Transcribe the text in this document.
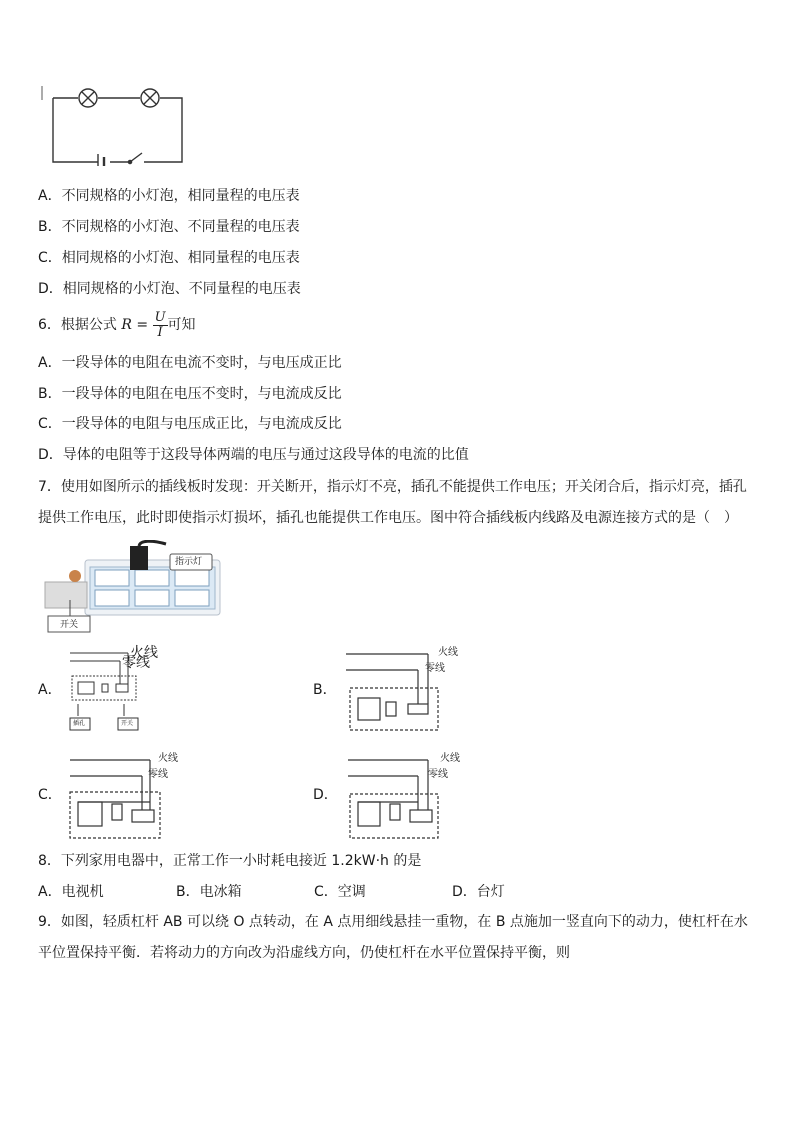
A．不同规格的小灯泡，相同量程的电压表
B．不同规格的小灯泡、不同量程的电压表
C．相同规格的小灯泡、相同量程的电压表
D．相同规格的小灯泡、不同量程的电压表
6．根据公式 $R = \frac{U}{I}$ 可知
A．一段导体的电阻在电流不变时，与电压成正比
B．一段导体的电阻在电压不变时，与电流成反比
C．一段导体的电阻与电压成正比，与电流成反比
D．导体的电阻等于这段导体两端的电压与通过这段导体的电流的比值
7．使用如图所示的插线板时发现：开关断开，指示灯不亮，插孔不能提供工作电压；开关闭合后，指示灯亮，插孔提供工作电压，此时即使指示灯损坏，插孔也能提供工作电压。图中符合插线板内线路及电源连接方式的是（　）
指示灯
开关
A．
火线
零线
插孔	开关
B．
火线
零线
C．
火线
零线
D．
火线
零线
8．下列家用电器中，正常工作一小时耗电接近 1.2kW·h 的是
A．电视机	B．电冰箱	C．空调	D．台灯
9．如图，轻质杠杆 AB 可以绕 O 点转动，在 A 点用细线悬挂一重物，在 B 点施加一竖直向下的动力，使杠杆在水平位置保持平衡．若将动力的方向改为沿虚线方向，仍使杠杆在水平位置保持平衡，则
